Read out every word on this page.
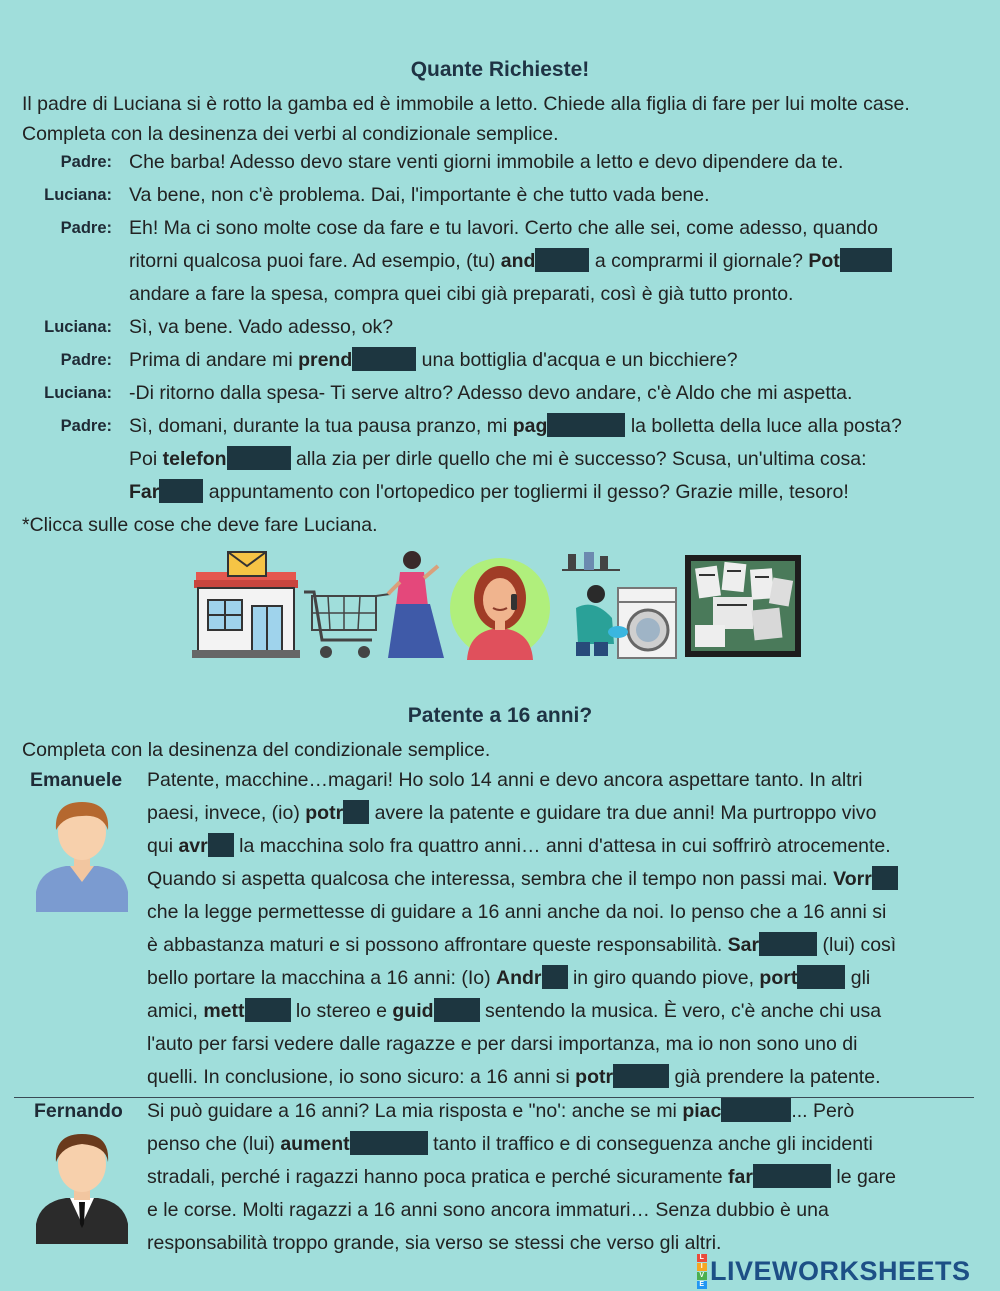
Quante Richieste!
Il padre di Luciana si è rotto la gamba ed è immobile a letto. Chiede alla figlia di fare per lui molte case. Completa con la desinenza dei verbi al condizionale semplice.
Padre: Che barba! Adesso devo stare venti giorni immobile a letto e devo dipendere da te.
Luciana: Va bene, non c'è problema. Dai, l'importante è che tutto vada bene.
Padre: Eh! Ma ci sono molte cose da fare e tu lavori. Certo che alle sei, come adesso, quando
ritorni qualcosa puoi fare. Ad esempio, (tu) and	a comprarmi il giornale? Pot
andare a fare la spesa, compra quei cibi già preparati, così è già tutto pronto.
Luciana: Sì, va bene. Vado adesso, ok?
Padre: Prima di andare mi prend	una bottiglia d'acqua e un bicchiere?
Luciana: -Di ritorno dalla spesa- Ti serve altro? Adesso devo andare, c'è Aldo che mi aspetta.
Padre: Sì, domani, durante la tua pausa pranzo, mi pag	la bolletta della luce alla posta?
Poi telefon	alla zia per dirle quello che mi è successo? Scusa, un'ultima cosa:
Far appuntamento con l'ortopedico per togliermi il gesso? Grazie mille, tesoro!
*Clicca sulle cose che deve fare Luciana.
Patente a 16 anni?
Completa con la desinenza del condizionale semplice.
Emanuele Patente, macchine…magari! Ho solo 14 anni e devo ancora aspettare tanto. In altri
paesi, invece, (io) potr avere la patente e guidare tra due anni! Ma purtroppo vivo
qui avr la macchina solo fra quattro anni… anni d'attesa in cui soffrirò atrocemente.
Quando si aspetta qualcosa che interessa, sembra che il tempo non passi mai. Vorr
che la legge permettesse di guidare a 16 anni anche da noi. Io penso che a 16 anni si
è abbastanza maturi e si possono affrontare queste responsabilità. Sar	(lui) così
bello portare la macchina a 16 anni: (Io) Andr in giro quando piove, port gli
amici, mett lo stereo e guid sentendo la musica. È vero, c'è anche chi usa
l'auto per farsi vedere dalle ragazze e per darsi importanza, ma io non sono uno di
quelli. In conclusione, io sono sicuro: a 16 anni si potr	già prendere la patente.
Fernando Si può guidare a 16 anni? La mia risposta e "no': anche se mi piac	... Però
penso che (lui) aument	tanto il traffico e di conseguenza anche gli incidenti
stradali, perché i ragazzi hanno poca pratica e perché sicuramente far	le gare
e le corse. Molti ragazzi a 16 anni sono ancora immaturi… Senza dubbio è una
responsabilità troppo grande, sia verso se stessi che verso gli altri.
L
I
V
E LIVEWORKSHEETS
